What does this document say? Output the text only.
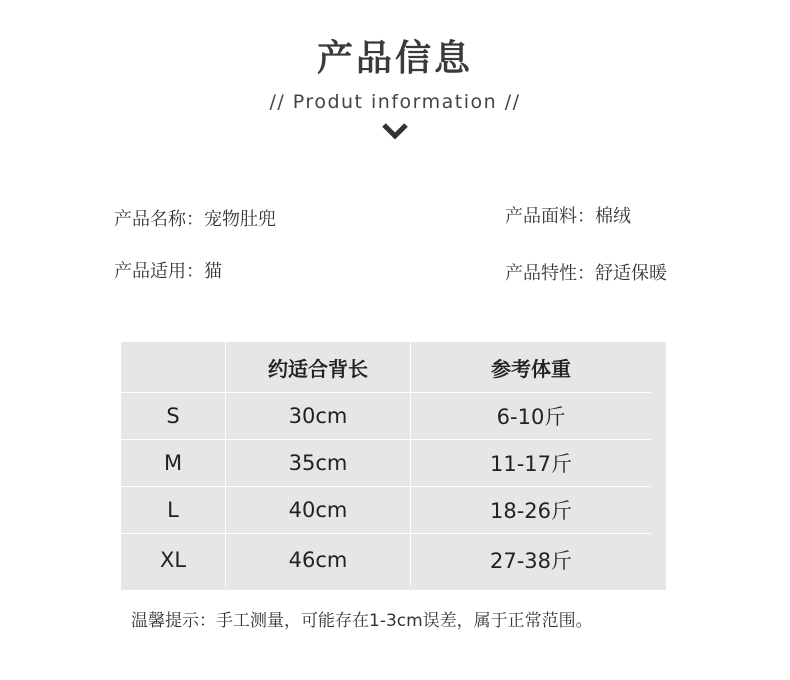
产品信息
// Produt information //
产品名称：宠物肚兜	产品面料：棉绒
产品适用：猫	产品特性：舒适保暖
	约适合背长	参考体重
S	30cm	6-10斤
M	35cm	11-17斤
L	40cm	18-26斤
XL	46cm	27-38斤
温馨提示：手工测量，可能存在1-3cm误差，属于正常范围。
